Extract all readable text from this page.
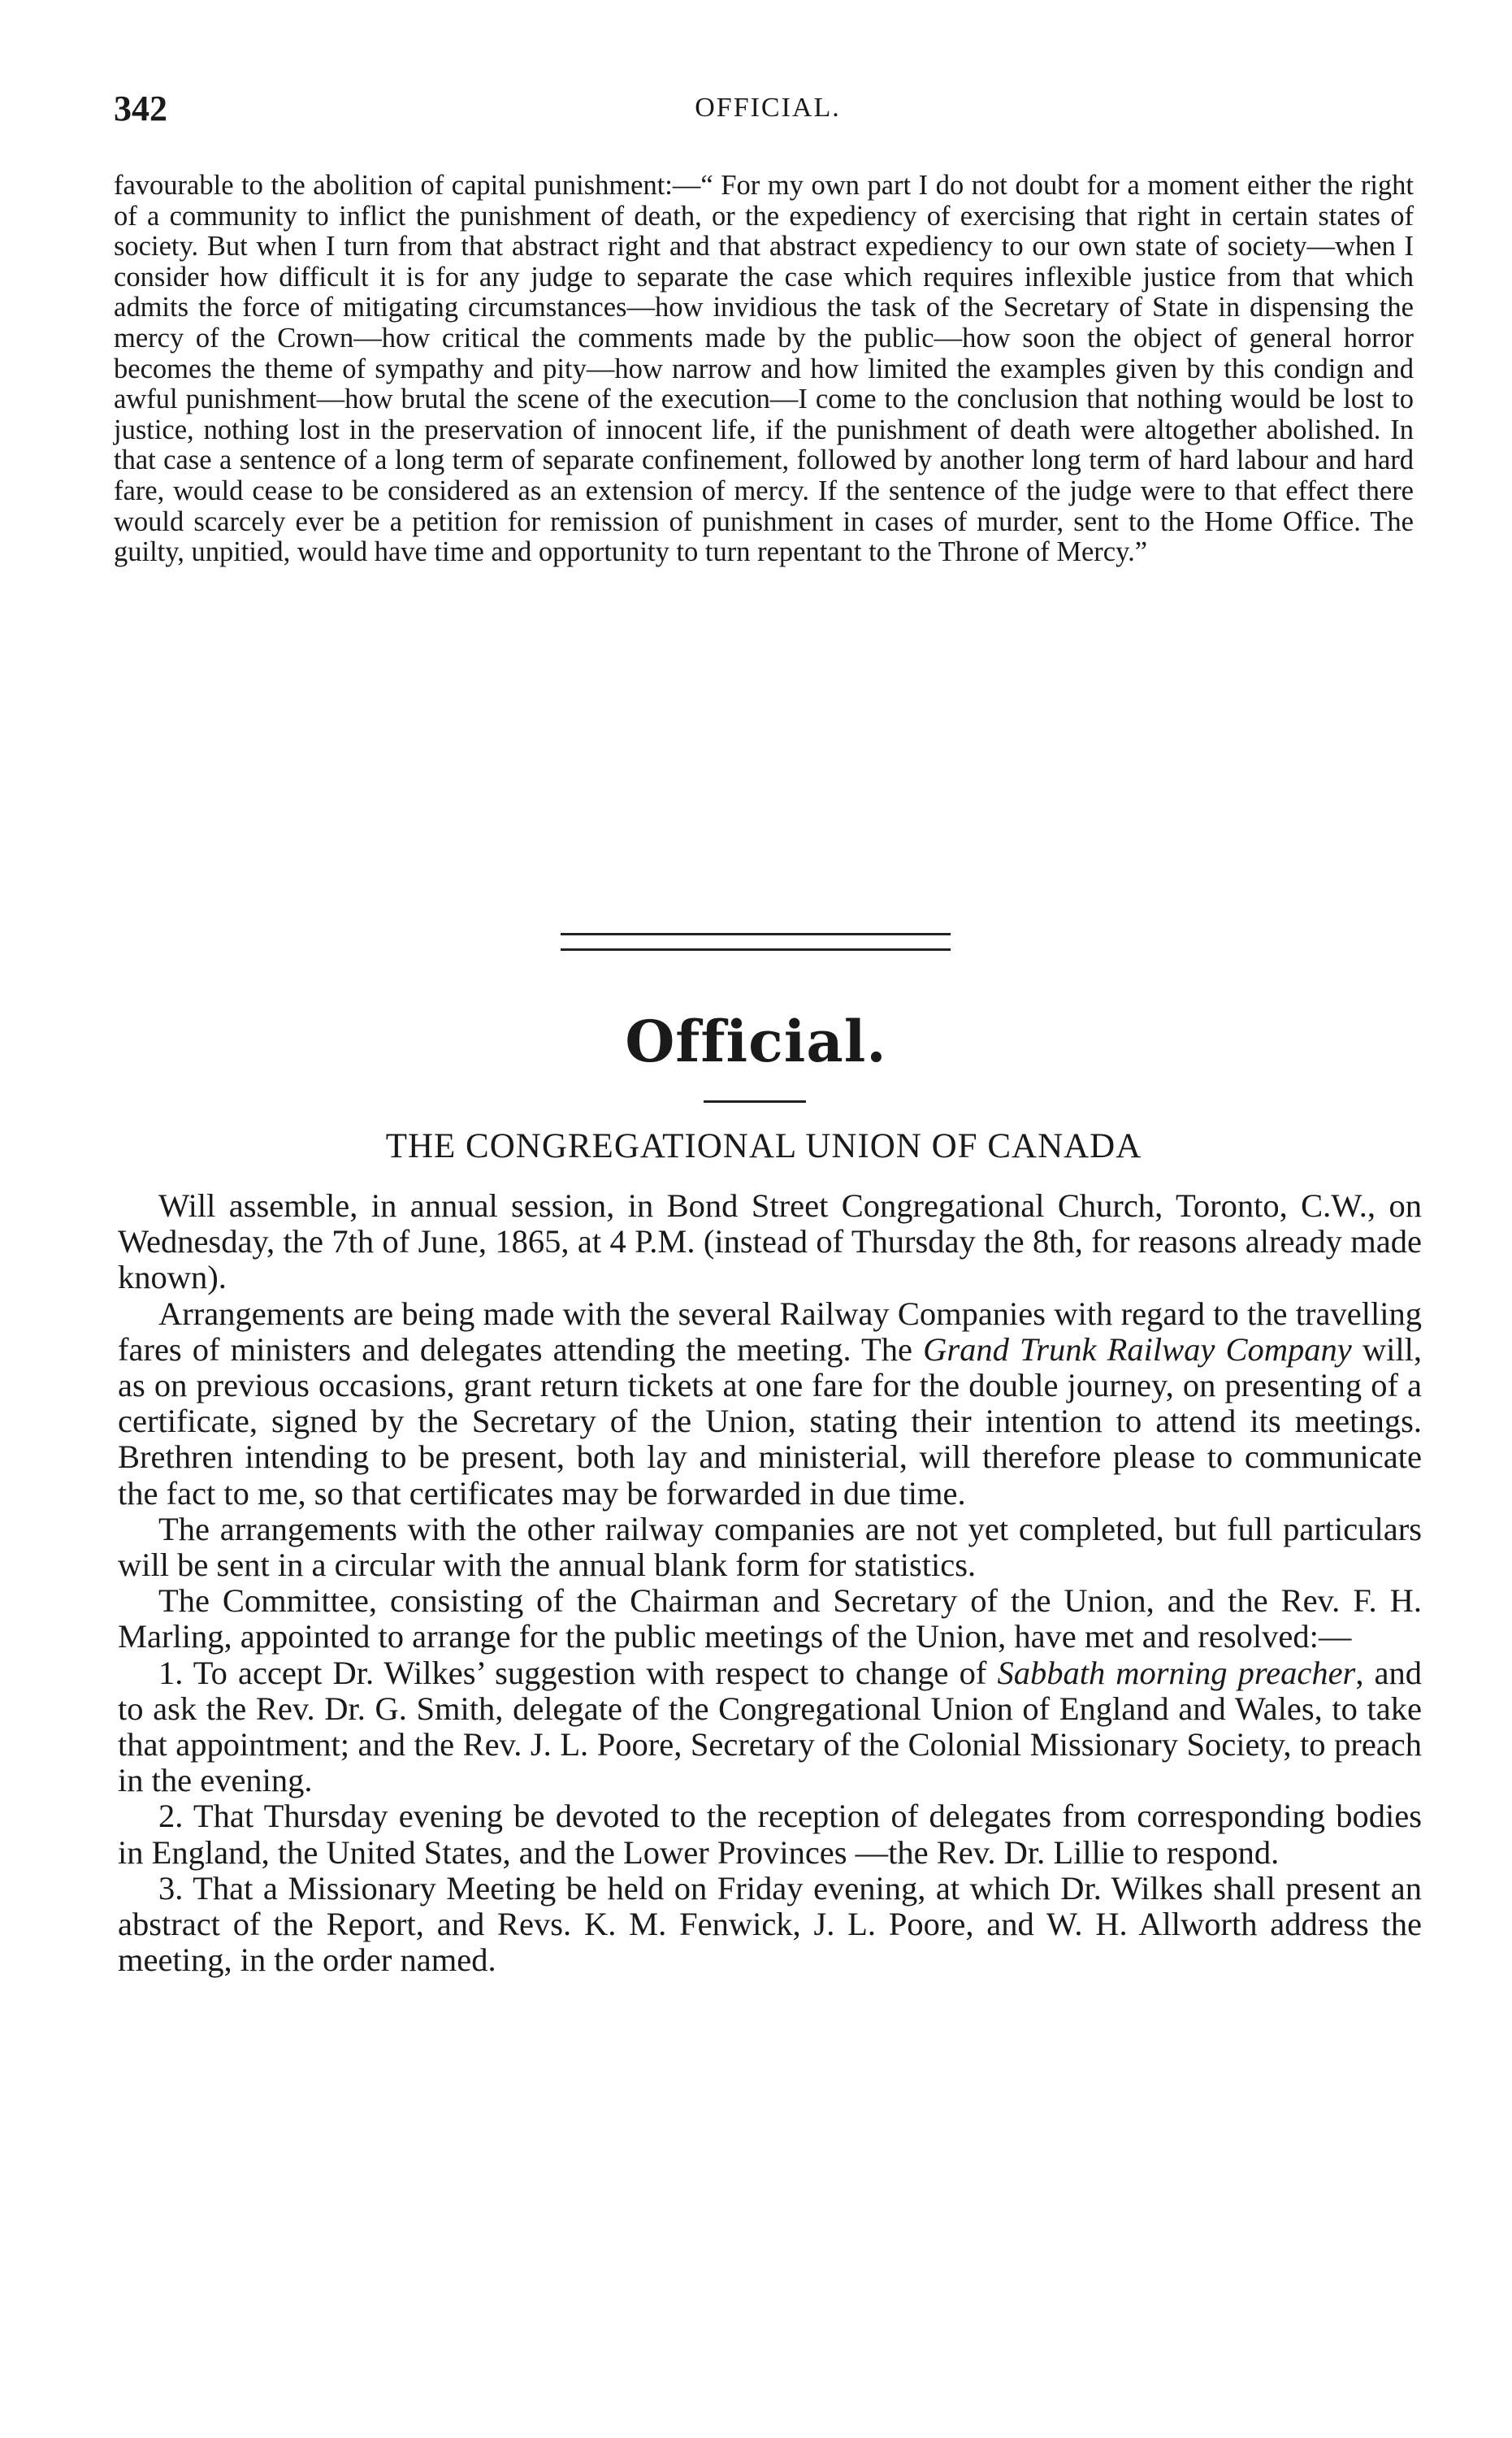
342	OFFICIAL.

favourable to the abolition of capital punishment:—“ For my own part I do not doubt for a moment either the right of a community to inflict the punishment of death, or the expediency of exercising that right in certain states of society. But when I turn from that abstract right and that abstract expediency to our own state of society—when I consider how difficult it is for any judge to separate the case which requires inflexible justice from that which admits the force of mitigating circumstances—how invidious the task of the Secretary of State in dispensing the mercy of the Crown—how critical the comments made by the public—how soon the object of general horror becomes the theme of sympathy and pity—how narrow and how limited the examples given by this condign and awful punishment—how brutal the scene of the execution—I come to the conclusion that nothing would be lost to justice, nothing lost in the preservation of innocent life, if the punishment of death were altogether abolished. In that case a sentence of a long term of separate confinement, followed by another long term of hard labour and hard fare, would cease to be considered as an extension of mercy. If the sentence of the judge were to that effect there would scarcely ever be a petition for remission of punishment in cases of murder, sent to the Home Office. The guilty, unpitied, would have time and opportunity to turn repentant to the Throne of Mercy.”

Official.
THE CONGREGATIONAL UNION OF CANADA

Will assemble, in annual session, in Bond Street Congregational Church, Toronto, C.W., on Wednesday, the 7th of June, 1865, at 4 P.M. (instead of Thursday the 8th, for reasons already made known).

Arrangements are being made with the several Railway Companies with regard to the travelling fares of ministers and delegates attending the meeting. The Grand Trunk Railway Company will, as on previous occasions, grant return tickets at one fare for the double journey, on presenting of a certificate, signed by the Secretary of the Union, stating their intention to attend its meetings. Brethren intending to be present, both lay and ministerial, will therefore please to communicate the fact to me, so that certificates may be forwarded in due time.

The arrangements with the other railway companies are not yet completed, but full particulars will be sent in a circular with the annual blank form for statistics.

The Committee, consisting of the Chairman and Secretary of the Union, and the Rev. F. H. Marling, appointed to arrange for the public meetings of the Union, have met and resolved:—

1. To accept Dr. Wilkes’ suggestion with respect to change of Sabbath morning preacher, and to ask the Rev. Dr. G. Smith, delegate of the Congregational Union of England and Wales, to take that appointment; and the Rev. J. L. Poore, Secretary of the Colonial Missionary Society, to preach in the evening.

2. That Thursday evening be devoted to the reception of delegates from corresponding bodies in England, the United States, and the Lower Provinces —the Rev. Dr. Lillie to respond.

3. That a Missionary Meeting be held on Friday evening, at which Dr. Wilkes shall present an abstract of the Report, and Revs. K. M. Fenwick, J. L. Poore, and W. H. Allworth address the meeting, in the order named.
